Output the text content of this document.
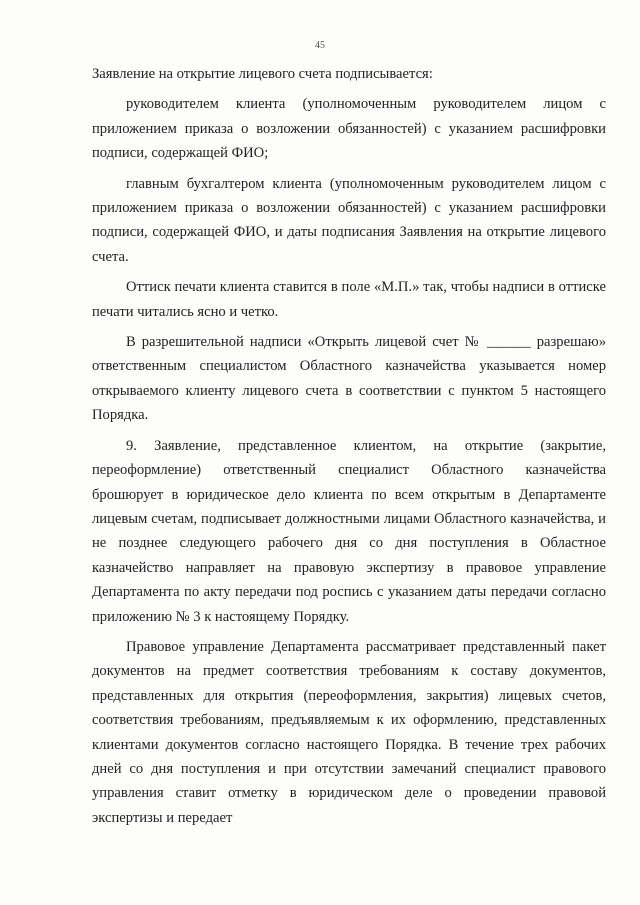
45

Заявление на открытие лицевого счета подписывается:

руководителем клиента (уполномоченным руководителем лицом с приложением приказа о возложении обязанностей) с указанием расшифровки подписи, содержащей ФИО;

главным бухгалтером клиента (уполномоченным руководителем лицом с приложением приказа о возложении обязанностей) с указанием расшифровки подписи, содержащей ФИО, и даты подписания Заявления на открытие лицевого счета.

Оттиск печати клиента ставится в поле «М.П.» так, чтобы надписи в оттиске печати читались ясно и четко.

В разрешительной надписи «Открыть лицевой счет № ______ разрешаю» ответственным специалистом Областного казначейства указывается номер открываемого клиенту лицевого счета в соответствии с пунктом 5 настоящего Порядка.

9. Заявление, представленное клиентом, на открытие (закрытие, переоформление) ответственный специалист Областного казначейства брошюрует в юридическое дело клиента по всем открытым в Департаменте лицевым счетам, подписывает должностными лицами Областного казначейства, и не позднее следующего рабочего дня со дня поступления в Областное казначейство направляет на правовую экспертизу в правовое управление Департамента по акту передачи под роспись с указанием даты передачи согласно приложению № 3 к настоящему Порядку.

Правовое управление Департамента рассматривает представленный пакет документов на предмет соответствия требованиям к составу документов, представленных для открытия (переоформления, закрытия) лицевых счетов, соответствия требованиям, предъявляемым к их оформлению, представленных клиентами документов согласно настоящего Порядка. В течение трех рабочих дней со дня поступления и при отсутствии замечаний специалист правового управления ставит отметку в юридическом деле о проведении правовой экспертизы и передает
